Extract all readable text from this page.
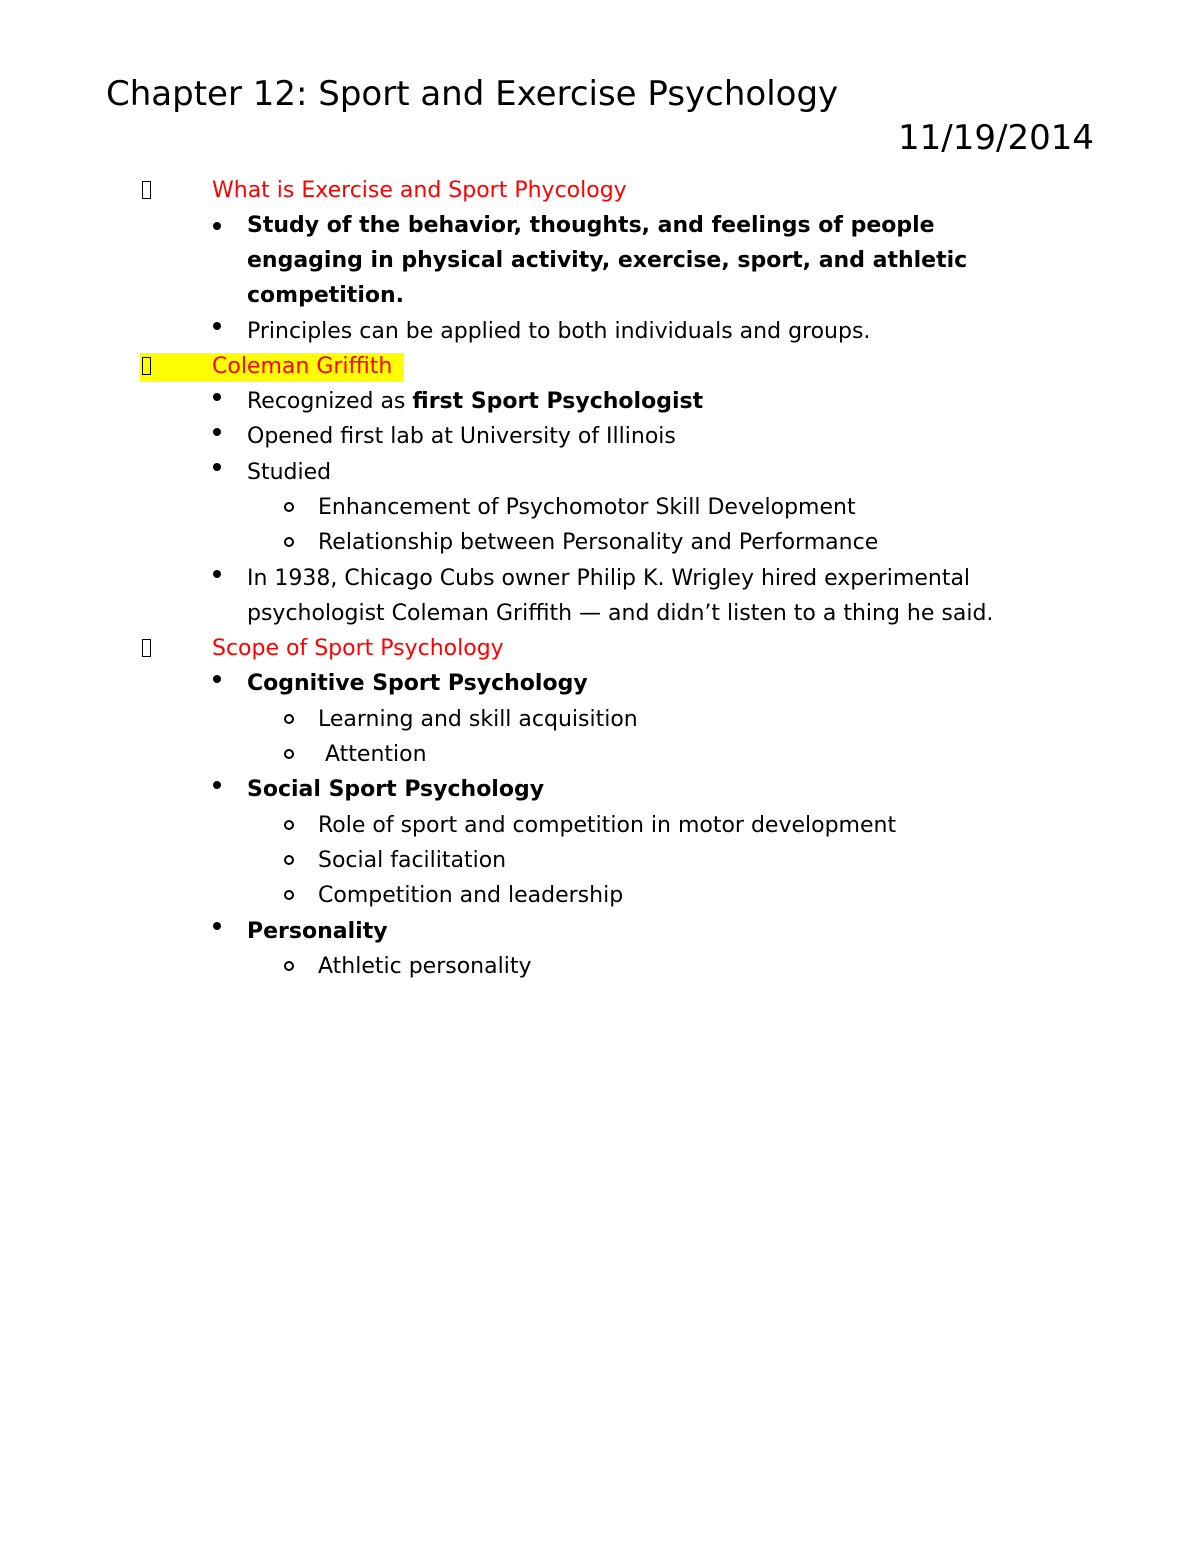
Chapter 12: Sport and Exercise Psychology
11/19/2014
What is Exercise and Sport Phycology
Study of the behavior, thoughts, and feelings of people
engaging in physical activity, exercise, sport, and athletic
competition.
Principles can be applied to both individuals and groups.
Coleman Griffith
Recognized as first Sport Psychologist
Opened first lab at University of Illinois
Studied
Enhancement of Psychomotor Skill Development
Relationship between Personality and Performance
In 1938, Chicago Cubs owner Philip K. Wrigley hired experimental
psychologist Coleman Griffith — and didn’t listen to a thing he said.
Scope of Sport Psychology
Cognitive Sport Psychology
Learning and skill acquisition
Attention
Social Sport Psychology
Role of sport and competition in motor development
Social facilitation
Competition and leadership
Personality
Athletic personality
